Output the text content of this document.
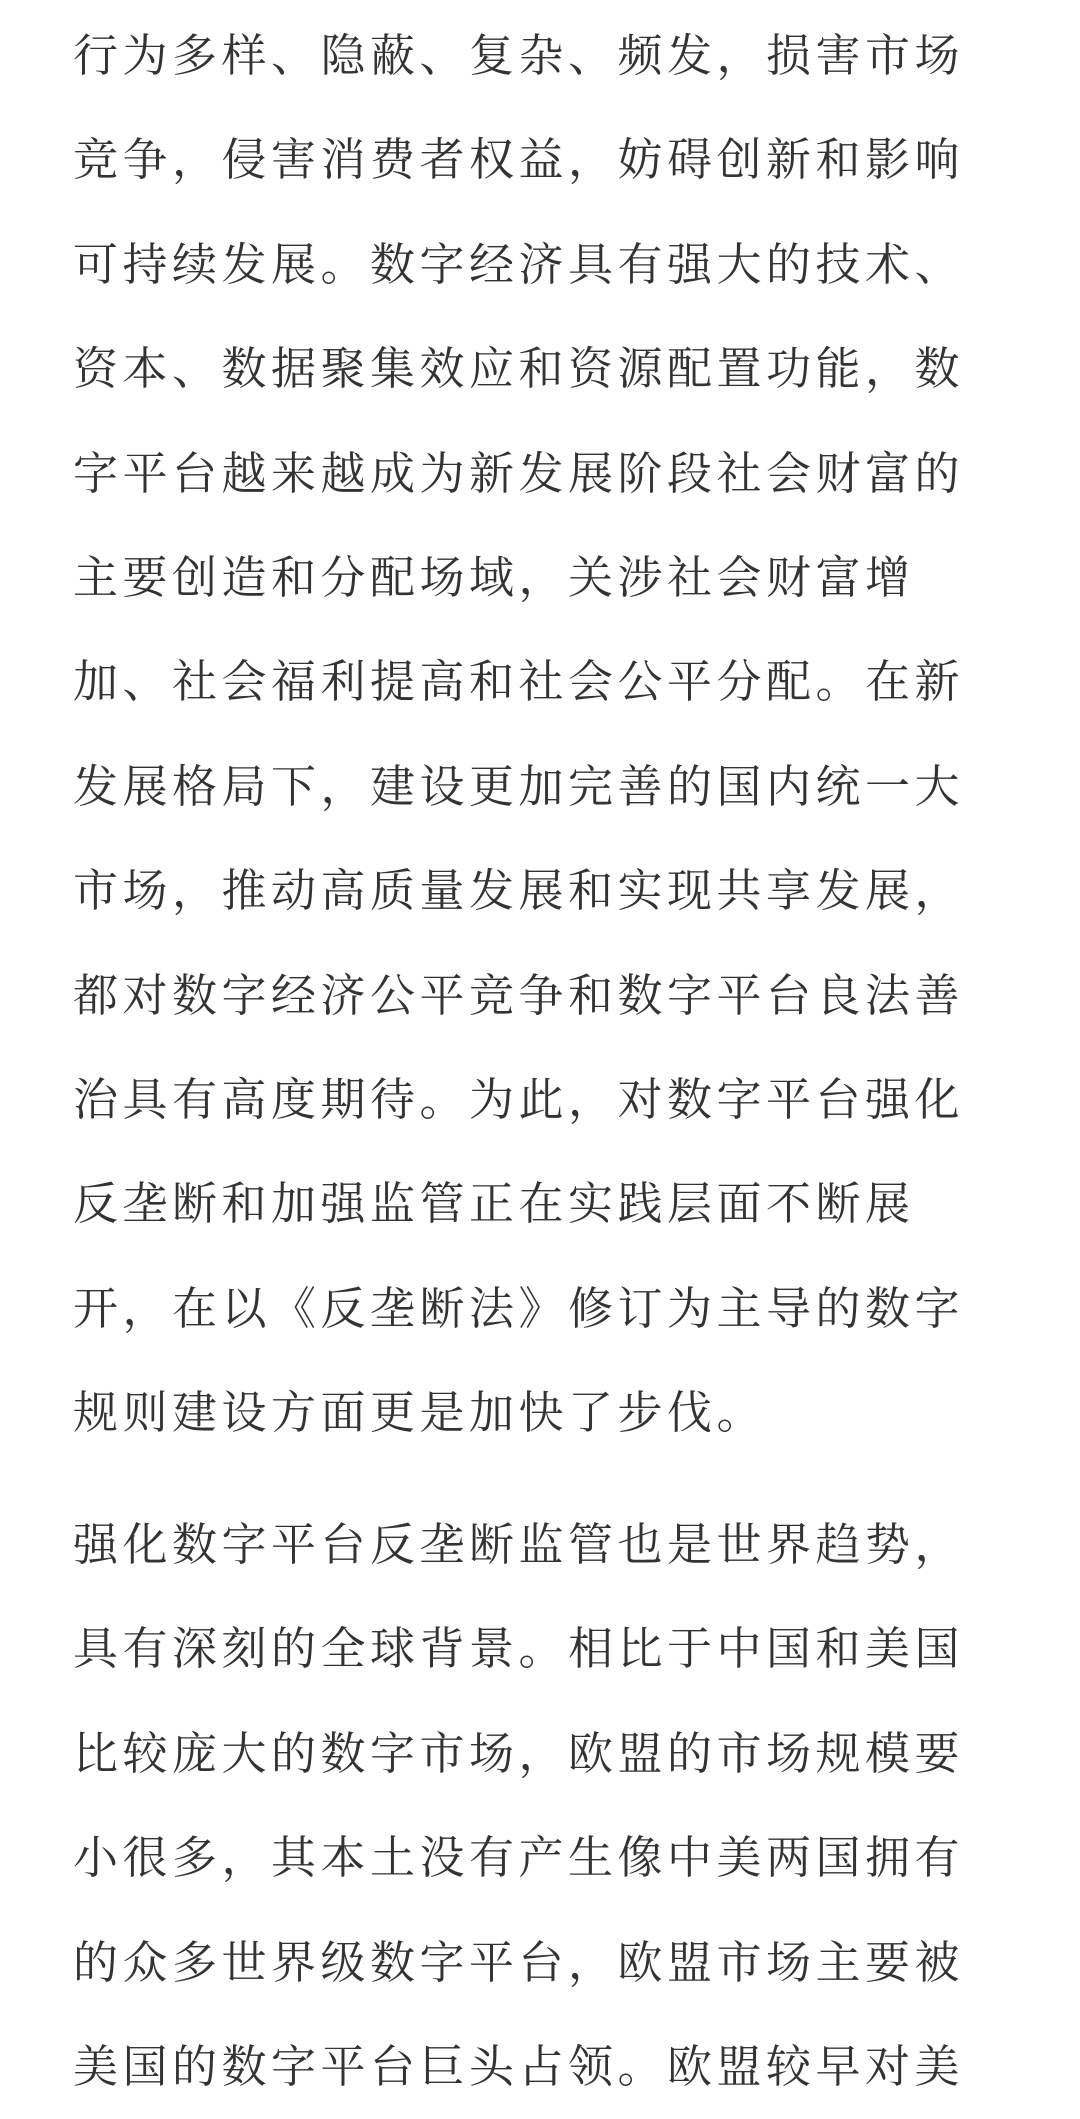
行为多样、隐蔽、复杂、频发，损害市场
竞争，侵害消费者权益，妨碍创新和影响
可持续发展。数字经济具有强大的技术、
资本、数据聚集效应和资源配置功能，数
字平台越来越成为新发展阶段社会财富的
主要创造和分配场域，关涉社会财富增
加、社会福利提高和社会公平分配。在新
发展格局下，建设更加完善的国内统一大
市场，推动高质量发展和实现共享发展，
都对数字经济公平竞争和数字平台良法善
治具有高度期待。为此，对数字平台强化
反垄断和加强监管正在实践层面不断展
开，在以《反垄断法》修订为主导的数字
规则建设方面更是加快了步伐。

强化数字平台反垄断监管也是世界趋势，
具有深刻的全球背景。相比于中国和美国
比较庞大的数字市场，欧盟的市场规模要
小很多，其本土没有产生像中美两国拥有
的众多世界级数字平台，欧盟市场主要被
美国的数字平台巨头占领。欧盟较早对美
